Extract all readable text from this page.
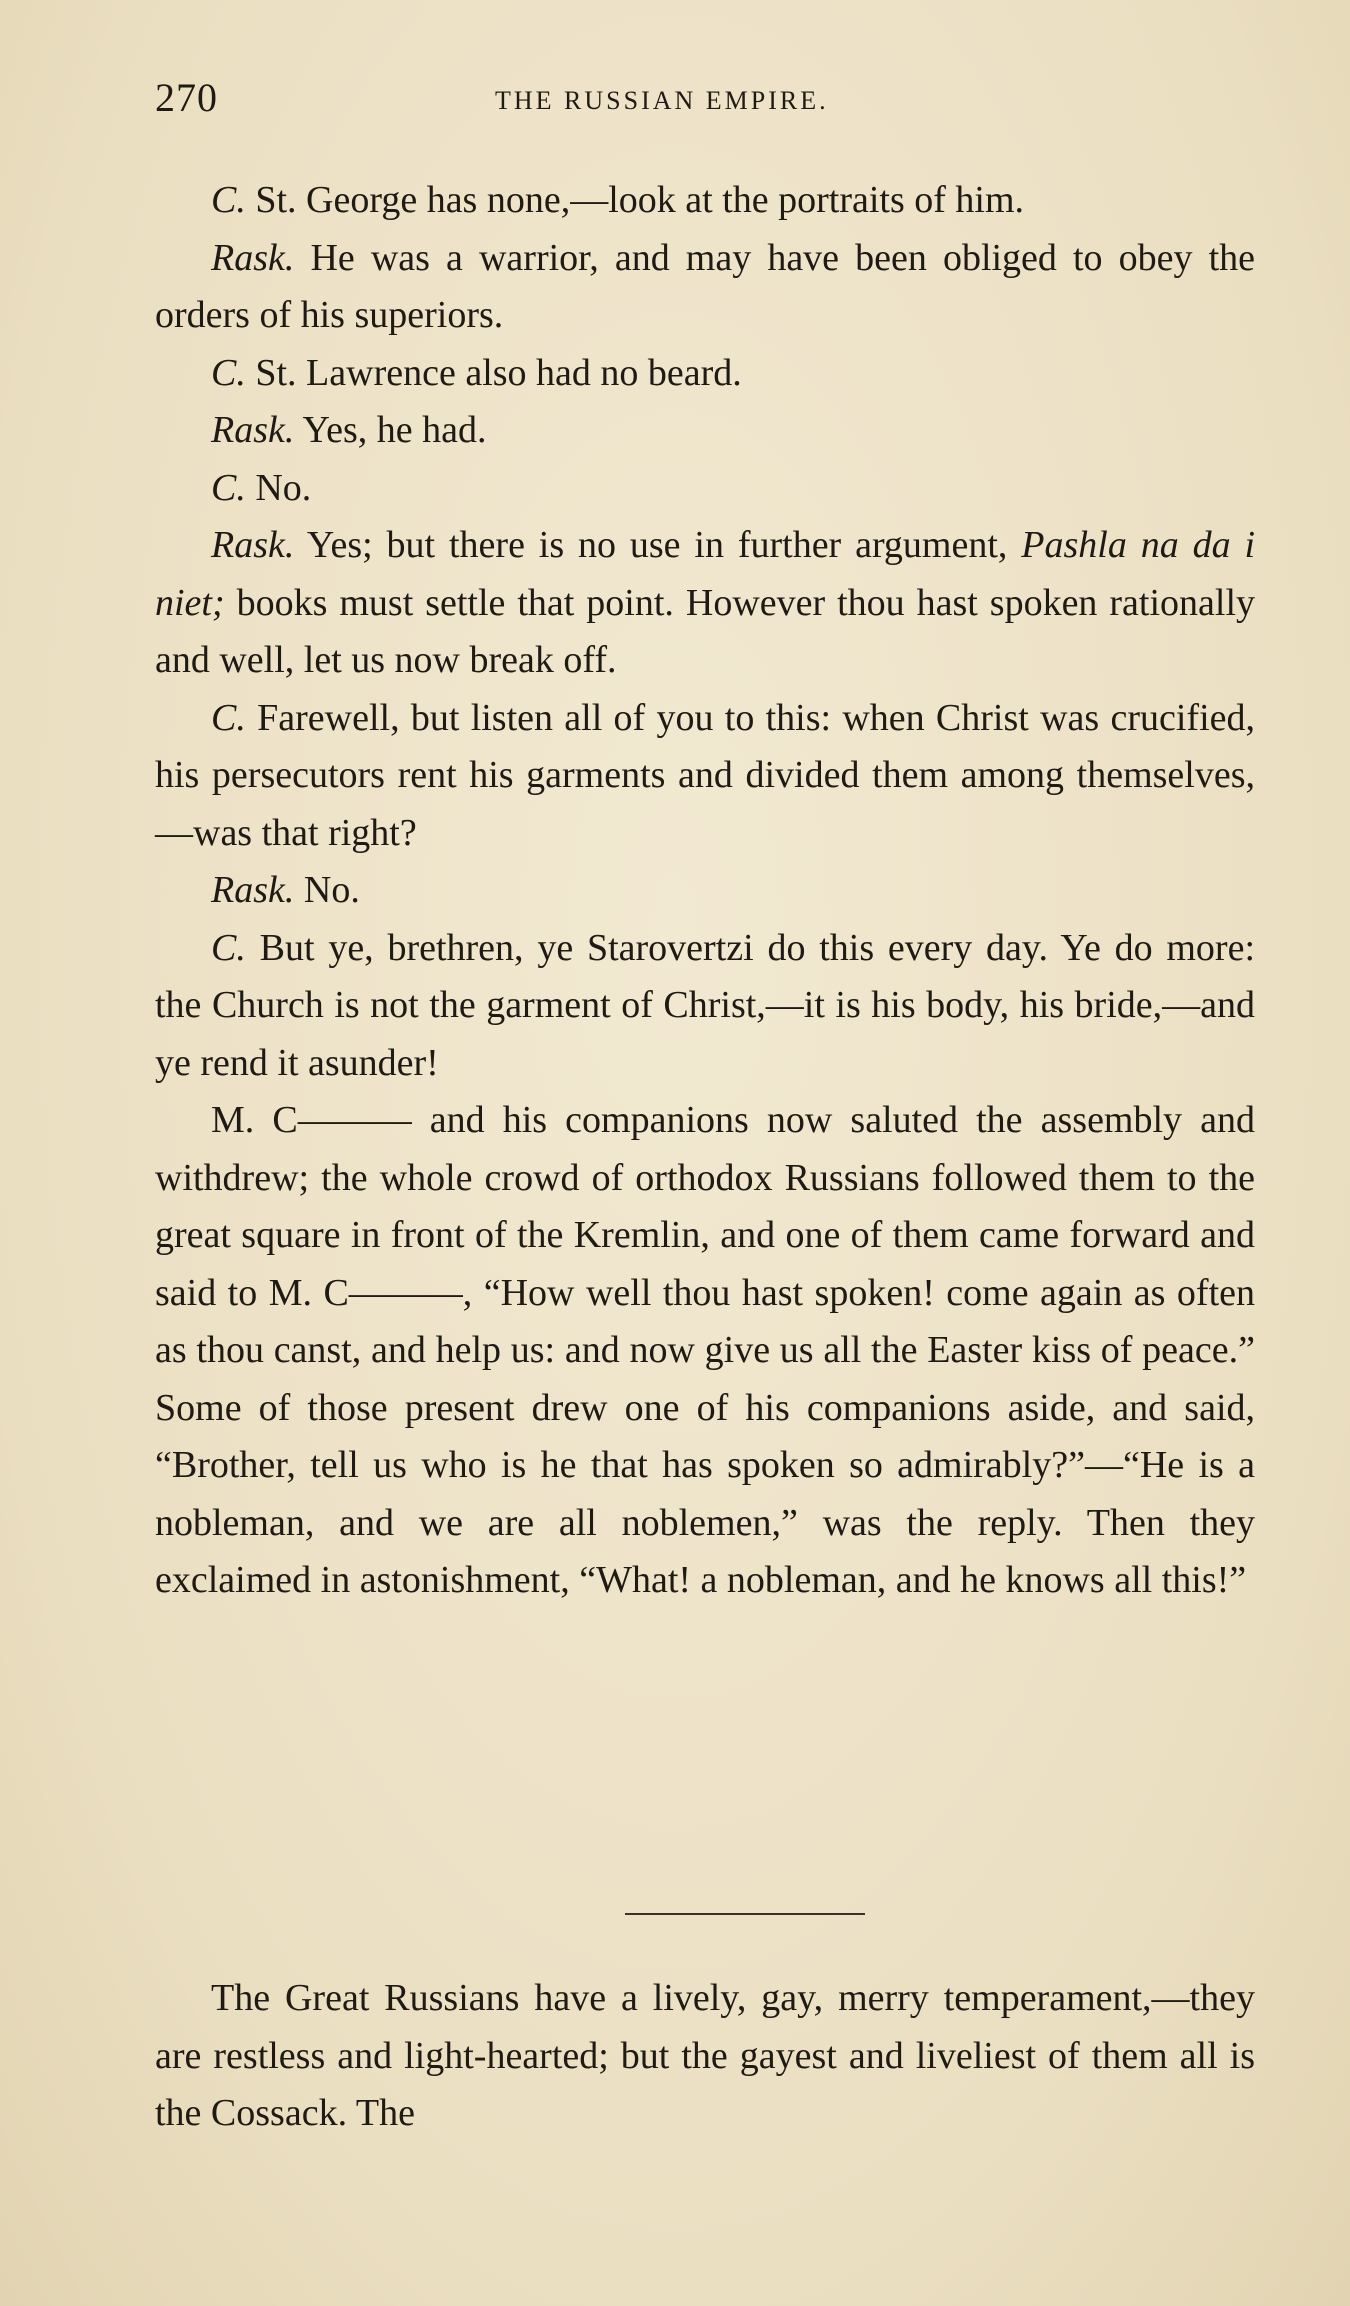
270	THE RUSSIAN EMPIRE.

C. St. George has none,—look at the portraits of him.

Rask. He was a warrior, and may have been obliged to obey the orders of his superiors.

C. St. Lawrence also had no beard.

Rask. Yes, he had.

C. No.

Rask. Yes; but there is no use in further argument, Pashla na da i niet; books must settle that point. However thou hast spoken rationally and well, let us now break off.

C. Farewell, but listen all of you to this: when Christ was crucified, his persecutors rent his garments and divided them among themselves,—was that right?

Rask. No.

C. But ye, brethren, ye Starovertzi do this every day. Ye do more: the Church is not the garment of Christ,—it is his body, his bride,—and ye rend it asunder!

M. C——— and his companions now saluted the assembly and withdrew; the whole crowd of orthodox Russians followed them to the great square in front of the Kremlin, and one of them came forward and said to M. C———, “How well thou hast spoken! come again as often as thou canst, and help us: and now give us all the Easter kiss of peace.” Some of those present drew one of his companions aside, and said, “Brother, tell us who is he that has spoken so admirably?”—“He is a nobleman, and we are all noblemen,” was the reply. Then they exclaimed in astonishment, “What! a nobleman, and he knows all this!”

The Great Russians have a lively, gay, merry temperament,—they are restless and light-hearted; but the gayest and liveliest of them all is the Cossack. The
